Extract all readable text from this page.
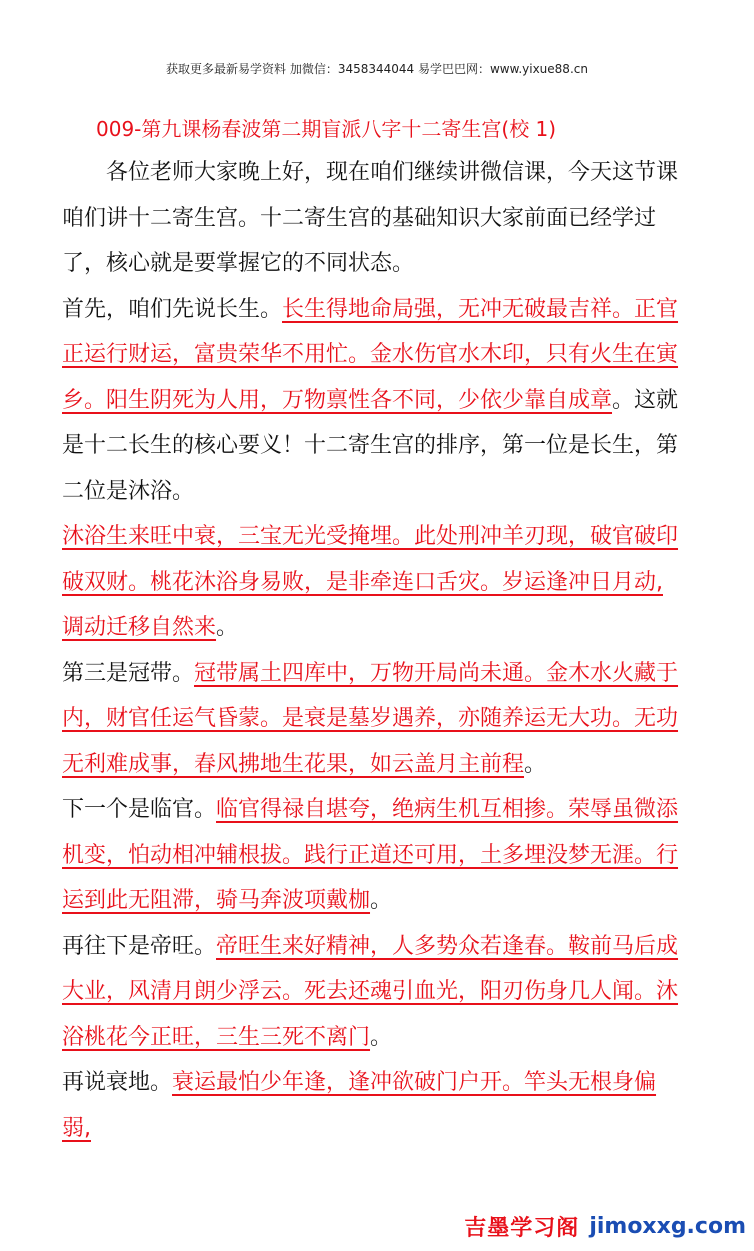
获取更多最新易学资料 加微信：3458344044 易学巴巴网：www.yixue88.cn
009-第九课杨春波第二期盲派八字十二寄生宫(校 1)

各位老师大家晚上好，现在咱们继续讲微信课，今天这节课咱们讲十二寄生宫。十二寄生宫的基础知识大家前面已经学过了，核心就是要掌握它的不同状态。

首先，咱们先说长生。长生得地命局强，无冲无破最吉祥。正官正运行财运，富贵荣华不用忙。金水伤官水木印，只有火生在寅乡。阳生阴死为人用，万物禀性各不同，少依少靠自成章。这就是十二长生的核心要义！十二寄生宫的排序，第一位是长生，第二位是沐浴。

沐浴生来旺中衰，三宝无光受掩埋。此处刑冲羊刃现，破官破印破双财。桃花沐浴身易败，是非牵连口舌灾。岁运逢冲日月动,调动迁移自然来。

第三是冠带。冠带属土四库中，万物开局尚未通。金木水火藏于内，财官任运气昏蒙。是衰是墓岁遇养，亦随养运无大功。无功无利难成事，春风拂地生花果，如云盖月主前程。

下一个是临官。临官得禄自堪夸，绝病生机互相掺。荣辱虽微添机变，怕动相冲辅根拔。践行正道还可用，土多埋没梦无涯。行运到此无阻滞，骑马奔波项戴枷。

再往下是帝旺。帝旺生来好精神，人多势众若逢春。鞍前马后成大业，风清月朗少浮云。死去还魂引血光，阳刃伤身几人闻。沐浴桃花今正旺，三生三死不离门。

再说衰地。衰运最怕少年逢，逢冲欲破门户开。竿头无根身偏弱,

吉墨学习阁 jimoxxg.com
